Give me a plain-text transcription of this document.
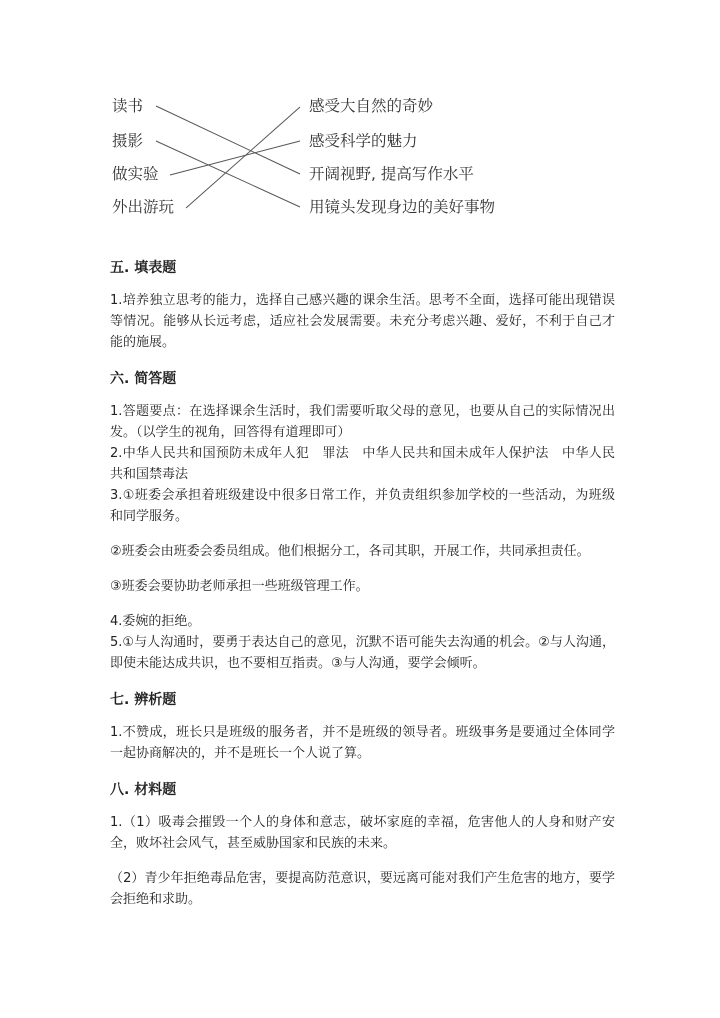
读书
摄影
做实验
外出游玩
感受大自然的奇妙
感受科学的魅力
开阔视野, 提高写作水平
用镜头发现身边的美好事物
五. 填表题

1.培养独立思考的能力，选择自己感兴趣的课余生活。思考不全面，选择可能出现错误等情况。能够从长远考虑，适应社会发展需要。未充分考虑兴趣、爱好，不利于自己才能的施展。

六. 简答题

1.答题要点：在选择课余生活时，我们需要听取父母的意见，也要从自己的实际情况出发。（以学生的视角，回答得有道理即可）

2.中华人民共和国预防未成年人犯　罪法　中华人民共和国未成年人保护法　中华人民共和国禁毒法

3.①班委会承担着班级建设中很多日常工作，并负责组织参加学校的一些活动，为班级和同学服务。

②班委会由班委会委员组成。他们根据分工，各司其职，开展工作，共同承担责任。

③班委会要协助老师承担一些班级管理工作。

4.委婉的拒绝。

5.①与人沟通时，要勇于表达自己的意见，沉默不语可能失去沟通的机会。②与人沟通，即使未能达成共识，也不要相互指责。③与人沟通，要学会倾听。

七. 辨析题

1.不赞成，班长只是班级的服务者，并不是班级的领导者。班级事务是要通过全体同学一起协商解决的，并不是班长一个人说了算。

八. 材料题

1.（1）吸毒会摧毁一个人的身体和意志，破坏家庭的幸福，危害他人的人身和财产安全，败坏社会风气，甚至威胁国家和民族的未来。

（2）青少年拒绝毒品危害，要提高防范意识，要远离可能对我们产生危害的地方，要学会拒绝和求助。
